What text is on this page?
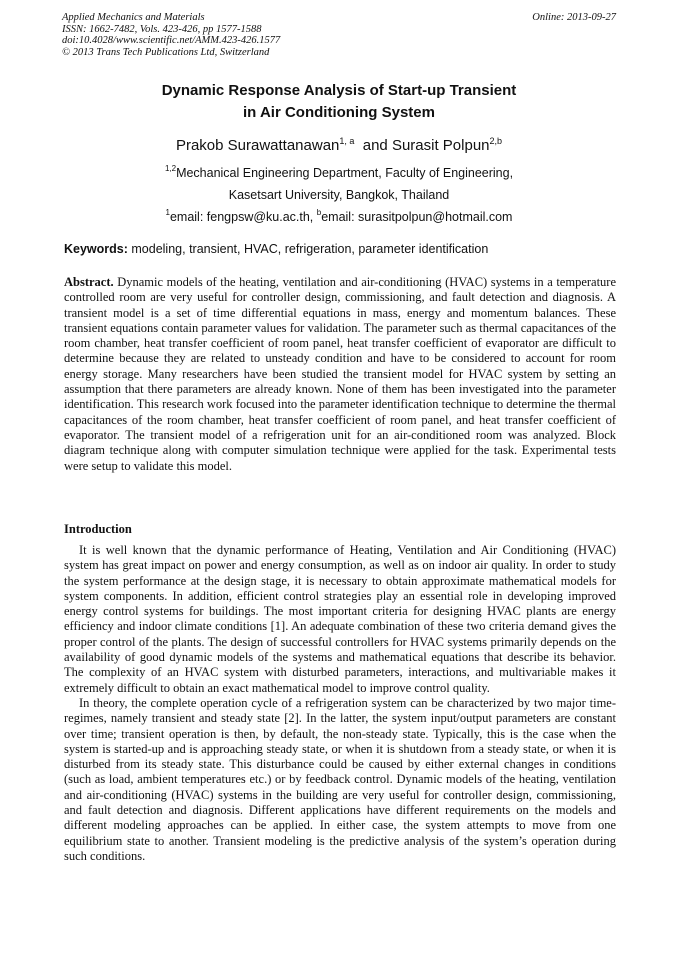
Applied Mechanics and Materials
ISSN: 1662-7482, Vols. 423-426, pp 1577-1588
doi:10.4028/www.scientific.net/AMM.423-426.1577
© 2013 Trans Tech Publications Ltd, Switzerland
Online: 2013-09-27
Dynamic Response Analysis of Start-up Transient
in Air Conditioning System
Prakob Surawattanawan$^{1, a}$ and Surasit Polpun$^{2,b}$
$^{1,2}$Mechanical Engineering Department, Faculty of Engineering,
Kasetsart University, Bangkok, Thailand
$^1$email: fengpsw@ku.ac.th, $^b$email: surasitpolpun@hotmail.com
Keywords: modeling, transient, HVAC, refrigeration, parameter identification
Abstract. Dynamic models of the heating, ventilation and air-conditioning (HVAC) systems in a temperature controlled room are very useful for controller design, commissioning, and fault detection and diagnosis. A transient model is a set of time differential equations in mass, energy and momentum balances. These transient equations contain parameter values for validation. The parameter such as thermal capacitances of the room chamber, heat transfer coefficient of room panel, heat transfer coefficient of evaporator are difficult to determine because they are related to unsteady condition and have to be considered to account for room energy storage. Many researchers have been studied the transient model for HVAC system by setting an assumption that there parameters are already known. None of them has been investigated into the parameter identification. This research work focused into the parameter identification technique to determine the thermal capacitances of the room chamber, heat transfer coefficient of room panel, and heat transfer coefficient of evaporator. The transient model of a refrigeration unit for an air-conditioned room was analyzed. Block diagram technique along with computer simulation technique were applied for the task. Experimental tests were setup to validate this model.
Introduction

It is well known that the dynamic performance of Heating, Ventilation and Air Conditioning (HVAC) system has great impact on power and energy consumption, as well as on indoor air quality. In order to study the system performance at the design stage, it is necessary to obtain approximate mathematical models for system components. In addition, efficient control strategies play an essential role in developing improved energy control systems for buildings. The most important criteria for designing HVAC plants are energy efficiency and indoor climate conditions [1]. An adequate combination of these two criteria demand gives the proper control of the plants. The design of successful controllers for HVAC systems primarily depends on the availability of good dynamic models of the systems and mathematical equations that describe its behavior. The complexity of an HVAC system with disturbed parameters, interactions, and multivariable makes it extremely difficult to obtain an exact mathematical model to improve control quality.

In theory, the complete operation cycle of a refrigeration system can be characterized by two major time-regimes, namely transient and steady state [2]. In the latter, the system input/output parameters are constant over time; transient operation is then, by default, the non-steady state. Typically, this is the case when the system is started-up and is approaching steady state, or when it is shutdown from a steady state, or when it is disturbed from its steady state. This disturbance could be caused by either external changes in conditions (such as load, ambient temperatures etc.) or by feedback control. Dynamic models of the heating, ventilation and air-conditioning (HVAC) systems in the building are very useful for controller design, commissioning, and fault detection and diagnosis. Different applications have different requirements on the models and different modeling approaches can be applied. In either case, the system attempts to move from one equilibrium state to another. Transient modeling is the predictive analysis of the system’s operation during such conditions.
